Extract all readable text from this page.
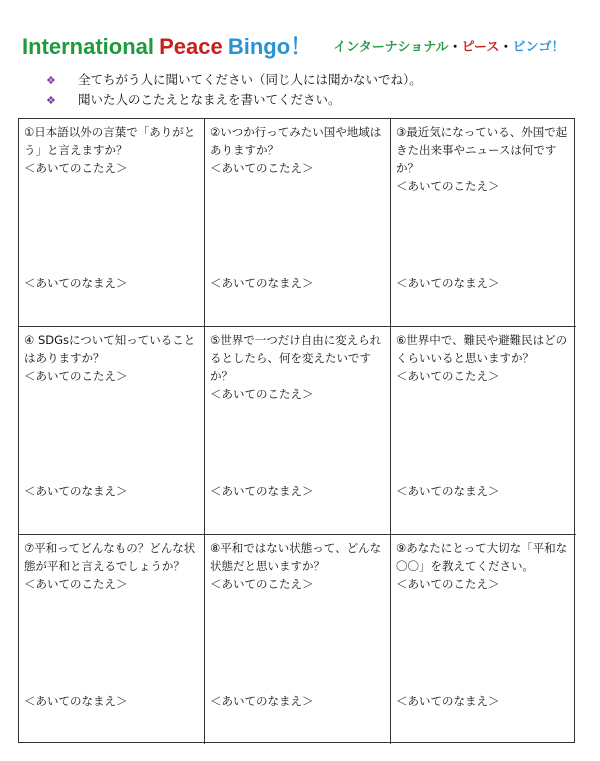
International Peace Bingo！ インターナショナル・ピース・ビンゴ！
❖ 全てちがう人に聞いてください（同じ人には聞かないでね）。
❖ 聞いた人のこたえとなまえを書いてください。
①日本語以外の言葉で「ありがとう」と言えますか？
＜あいてのこたえ＞
＜あいてのなまえ＞
②いつか行ってみたい国や地域はありますか？
＜あいてのこたえ＞
＜あいてのなまえ＞
③最近気になっている、外国で起きた出来事やニュースは何ですか？
＜あいてのこたえ＞
＜あいてのなまえ＞
④ SDGsについて知っていることはありますか？
＜あいてのこたえ＞
＜あいてのなまえ＞
⑤世界で一つだけ自由に変えられるとしたら、何を変えたいですか？
＜あいてのこたえ＞
＜あいてのなまえ＞
⑥世界中で、難民や避難民はどのくらいいると思いますか？
＜あいてのこたえ＞
＜あいてのなまえ＞
⑦平和ってどんなもの？どんな状態が平和と言えるでしょうか？
＜あいてのこたえ＞
＜あいてのなまえ＞
⑧平和ではない状態って、どんな状態だと思いますか？
＜あいてのこたえ＞
＜あいてのなまえ＞
⑨あなたにとって大切な「平和な〇〇」を教えてください。
＜あいてのこたえ＞
＜あいてのなまえ＞
